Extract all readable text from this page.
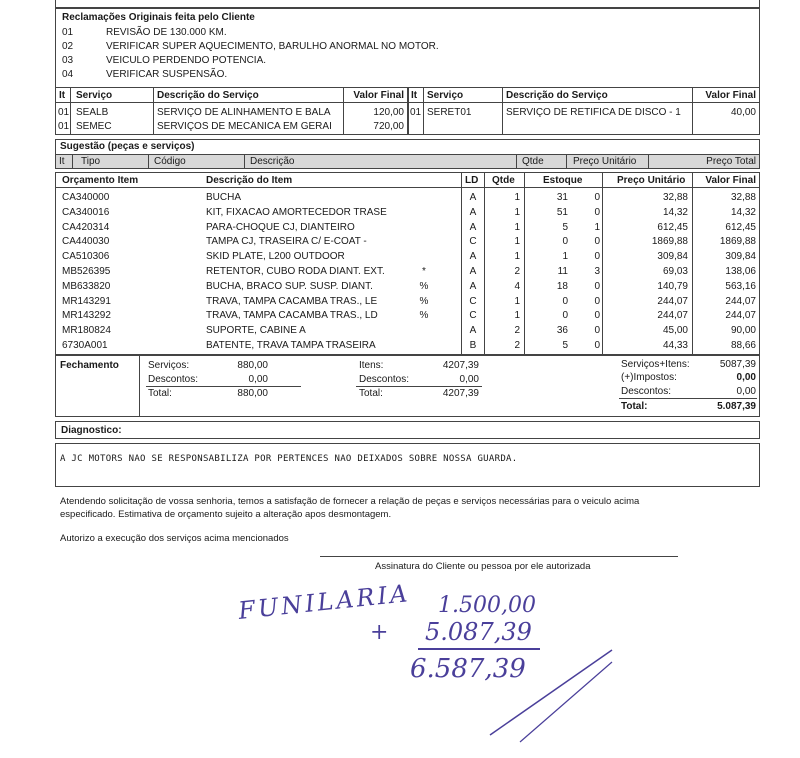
Reclamações Originais feita pelo Cliente
01	REVISÃO DE 130.000 KM.
02	VERIFICAR SUPER AQUECIMENTO, BARULHO ANORMAL NO MOTOR.
03	VEICULO PERDENDO POTENCIA.
04	VERIFICAR SUSPENSÃO.
It Serviço	Descrição do Serviço	Valor Final It Serviço	Descrição do Serviço	Valor Final
01 SEALB	SERVIÇO DE ALINHAMENTO E BALA	120,00
01 SEMEC	SERVIÇOS DE MECÂNICA EM GERAI	720,00
01 SERET01	SERVIÇO DE RETIFICA DE DISCO - 1	40,00
Sugestão (peças e serviços)
It Tipo	Código	Descrição	Qtde	Preço Unitário	Preço Total
Orçamento Item	Descrição do Item	LD Qtde	Estoque	Preço Unitário	Valor Final
CA340000	BUCHA	A	1	31	0	32,88	32,88
CA340016	KIT, FIXACAO AMORTECEDOR TRASE	A	1	51	0	14,32	14,32
CA420314	PARA-CHOQUE CJ, DIANTEIRO	A	1	5	1	612,45	612,45
CA440030	TAMPA CJ, TRASEIRA C/ E-COAT -	C	1	0	0	1869,88	1869,88
CA510306	SKID PLATE, L200 OUTDOOR	A	1	1	0	309,84	309,84
MB526395	RETENTOR, CUBO RODA DIANT. EXT.	*	A	2	11	3	69,03	138,06
MB633820	BUCHA, BRACO SUP. SUSP. DIANT.	%	A	4	18	0	140,79	563,16
MR143291	TRAVA, TAMPA CACAMBA TRAS., LE	%	C	1	0	0	244,07	244,07
MR143292	TRAVA, TAMPA CACAMBA TRAS., LD	%	C	1	0	0	244,07	244,07
MR180824	SUPORTE, CABINE A	A	2	36	0	45,00	90,00
6730A001	BATENTE, TRAVA TAMPA TRASEIRA	B	2	5	0	44,33	88,66
Fechamento	Serviços:	880,00
Descontos:	0,00
Total:	880,00
Itens:	4207,39
Descontos:	0,00
Total:	4207,39
Serviços+Itens:	5087,39
(+)Impostos:	0,00
Descontos:	0,00
Total:	5.087,39
Diagnostico:
A JC MOTORS NAO SE RESPONSABILIZA POR PERTENCES NAO DEIXADOS SOBRE NOSSA GUARDA.
Atendendo solicitação de vossa senhoria, temos a satisfação de fornecer a relação de peças e serviços necessárias para o veiculo acima
especificado. Estimativa de orçamento sujeito a alteração apos desmontagem.
Autorizo a execução dos serviços acima mencionados
Assinatura do Cliente ou pessoa por ele autorizada
FUNILARIA 1.500,00
+ 5.087,39
6.587,39
